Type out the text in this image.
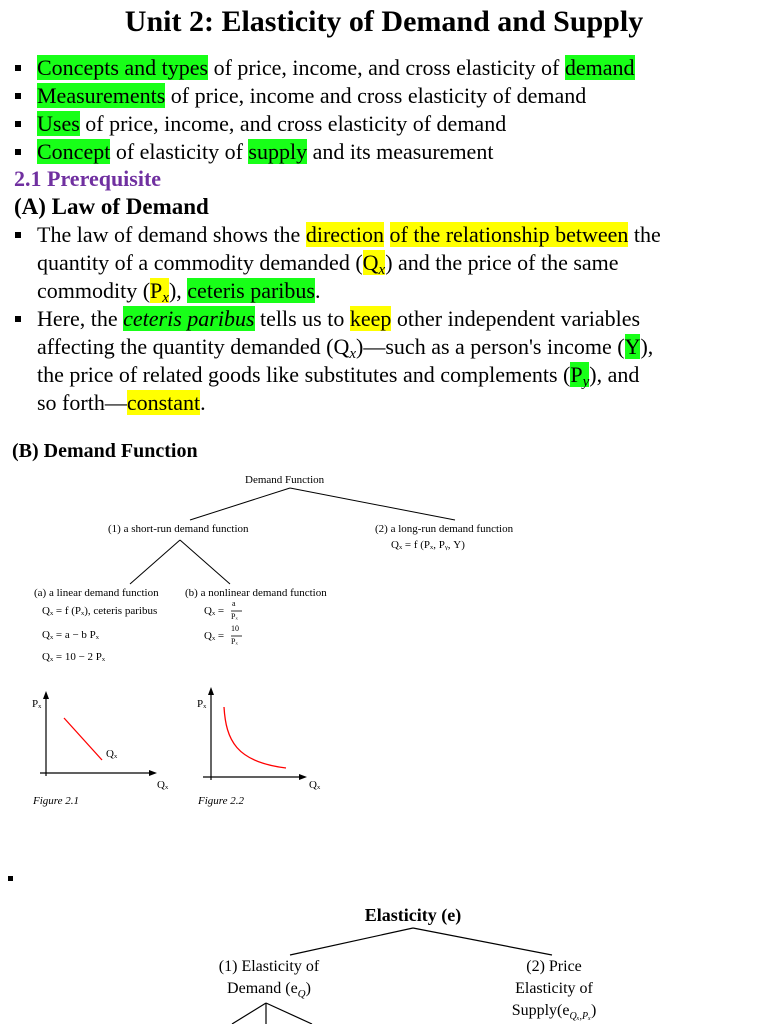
Unit 2: Elasticity of Demand and Supply
Concepts and types of price, income, and cross elasticity of demand
Measurements of price, income and cross elasticity of demand
Uses of price, income, and cross elasticity of demand
Concept of elasticity of supply and its measurement
2.1 Prerequisite
(A) Law of Demand
The law of demand shows the direction of the relationship between the
quantity of a commodity demanded $(Q_x)$ and the price of the same
commodity $(P_x)$, ceteris paribus.
Here, the ceteris paribus tells us to keep other independent variables
affecting the quantity demanded $(Q_x)—such$ as a person's income (Y),
the price of related goods like substitutes and complements $(P_y)$, and
so forth—constant.
(B) Demand Function
Demand Function
(1) a short-run demand function	(2) a long-run demand function
Qₓ = f (Pₓ, Pᵧ, Y)
(a) a linear demand function (b) a nonlinear demand function
Qₓ = f (Pₓ), ceteris paribus
Qₓ = a − b Pₓ
Qₓ = 10 − 2 Pₓ
Qₓ =
a
Pₓ
Qₓ =
10
Pₓ
Pₓ
Qₓ
Qₓ
Figure 2.1
Pₓ
Qₓ
Figure 2.2
Elasticity (e)
(1) Elasticity of
Demand $(e_Q)$
(2) Price
Elasticity of
$Supply(e_{Q_x,P_x})$
